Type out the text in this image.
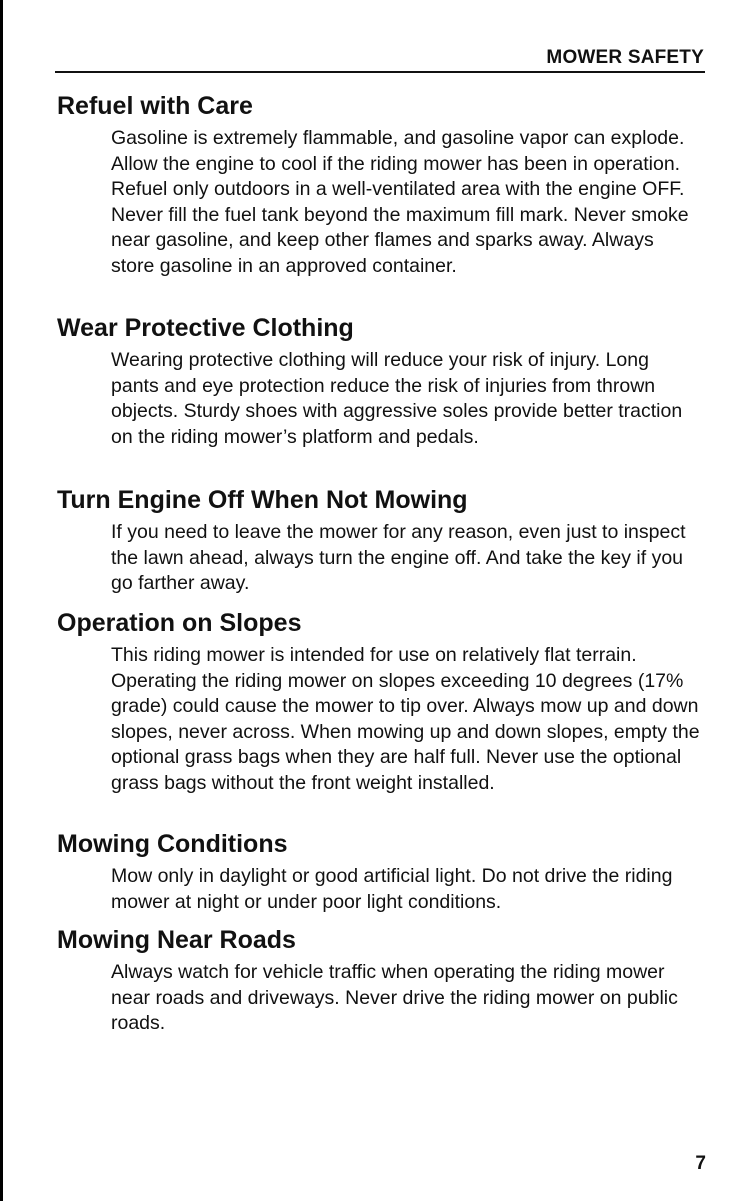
MOWER SAFETY
Refuel with Care

Gasoline is extremely flammable, and gasoline vapor can explode. Allow the engine to cool if the riding mower has been in operation. Refuel only outdoors in a well-ventilated area with the engine OFF. Never fill the fuel tank beyond the maximum fill mark. Never smoke near gasoline, and keep other flames and sparks away. Always store gasoline in an approved container.

Wear Protective Clothing

Wearing protective clothing will reduce your risk of injury. Long pants and eye protection reduce the risk of injuries from thrown objects. Sturdy shoes with aggressive soles provide better traction on the riding mower’s platform and pedals.

Turn Engine Off When Not Mowing

If you need to leave the mower for any reason, even just to inspect the lawn ahead, always turn the engine off. And take the key if you go farther away.

Operation on Slopes

This riding mower is intended for use on relatively flat terrain. Operating the riding mower on slopes exceeding 10 degrees (17% grade) could cause the mower to tip over. Always mow up and down slopes, never across. When mowing up and down slopes, empty the optional grass bags when they are half full. Never use the optional grass bags without the front weight installed.

Mowing Conditions

Mow only in daylight or good artificial light. Do not drive the riding mower at night or under poor light conditions.

Mowing Near Roads

Always watch for vehicle traffic when operating the riding mower near roads and driveways. Never drive the riding mower on public roads.

7
